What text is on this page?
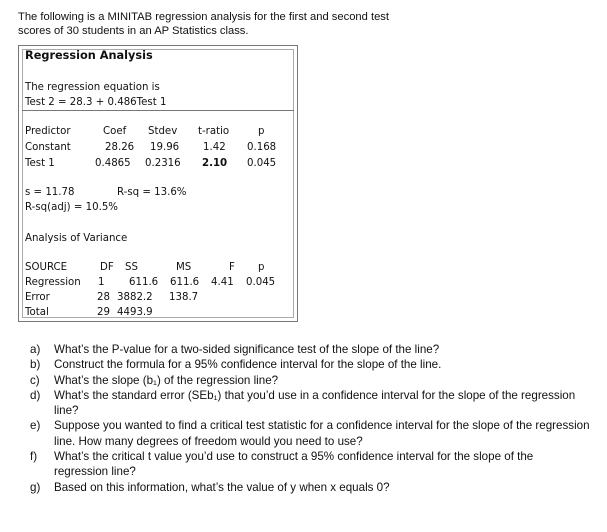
The following is a MINITAB regression analysis for the first and second test
scores of 30 students in an AP Statistics class.
Regression Analysis
The regression equation is
Test 2 = 28.3 + 0.486Test 1
Predictor	Coef Stdev t-ratio	p
Constant	28.26 19.96 1.42 0.168
Test 1	0.4865 0.2316 2.10 0.045
s = 11.78	R-sq = 13.6%
R-sq(adj) = 10.5%
Analysis of Variance
SOURCE	DF SS	MS	F p
Regression 1 611.6 611.6 4.41 0.045
Error	28 3882.2 138.7
Total	29 4493.9
a)	What’s the P-value for a two-sided significance test of the slope of the line?
b)	Construct the formula for a 95% confidence interval for the slope of the line.
c)	What’s the slope (b₁) of the regression line?
d)	What’s the standard error (SEb₁) that you’d use in a confidence interval for the slope of the regression line?
e)	Suppose you wanted to find a critical test statistic for a confidence interval for the slope of the regression line. How many degrees of freedom would you need to use?
f)	What’s the critical t value you’d use to construct a 95% confidence interval for the slope of the regression line?
g)	Based on this information, what’s the value of y when x equals 0?
